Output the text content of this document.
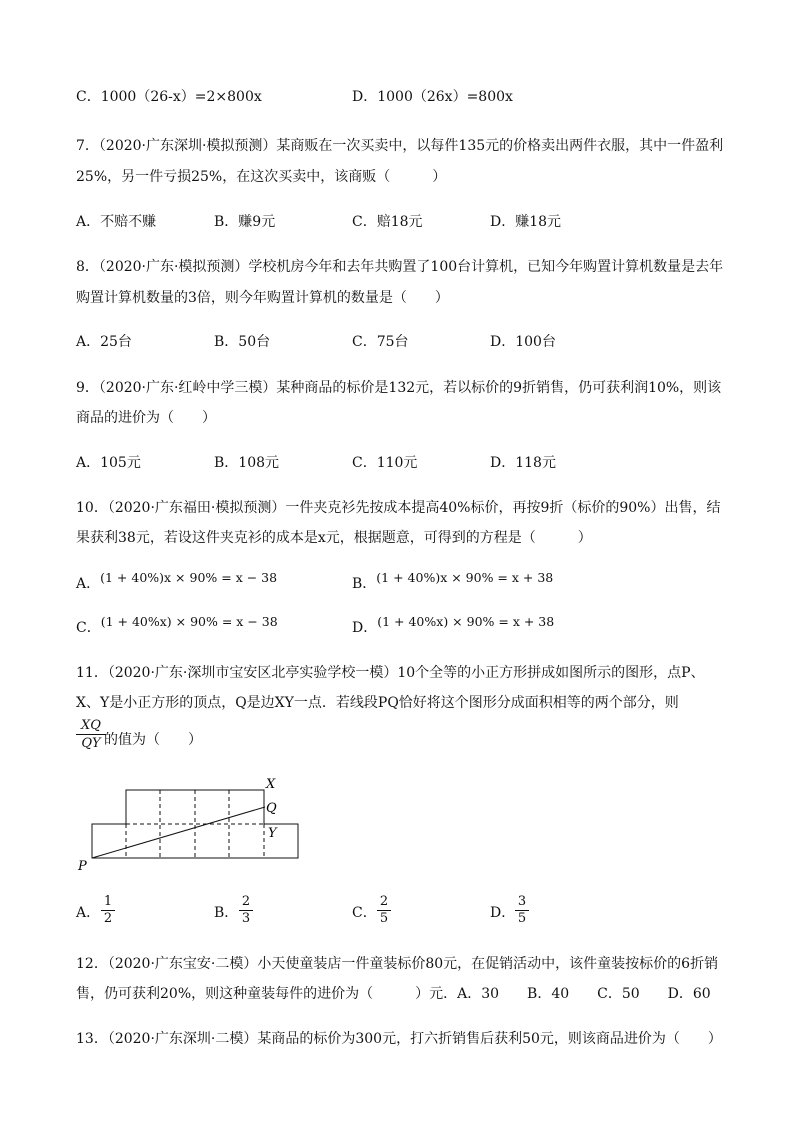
C．1000（26-x）=2×800x	D．1000（26x）=800x
7．（2020·广东深圳·模拟预测）某商贩在一次买卖中，以每件135元的价格卖出两件衣服，其中一件盈利
25%，另一件亏损25%，在这次买卖中，该商贩（　　　）
A．不赔不赚	B．赚9元	C．赔18元	D．赚18元
8．（2020·广东·模拟预测）学校机房今年和去年共购置了100台计算机，已知今年购置计算机数量是去年
购置计算机数量的3倍，则今年购置计算机的数量是（　　）
A．25台	B．50台	C．75台	D．100台
9．（2020·广东·红岭中学三模）某种商品的标价是132元，若以标价的9折销售，仍可获利润10%，则该
商品的进价为（　　）
A．105元	B．108元	C．110元	D．118元
10．（2020·广东福田·模拟预测）一件夹克衫先按成本提高40%标价，再按9折（标价的90%）出售，结
果获利38元，若设这件夹克衫的成本是x元，根据题意，可得到的方程是（　　　）
A．(1 + 40%)x × 90% = x − 38	B．(1 + 40%)x × 90% = x + 38
C．(1 + 40%x) × 90% = x − 38	D．(1 + 40%x) × 90% = x + 38
11．（2020·广东·深圳市宝安区北亭实验学校一模）10个全等的小正方形拼成如图所示的图形，点P、
X、Y是小正方形的顶点，Q是边XY一点．若线段PQ恰好将这个图形分成面积相等的两个部分，则
XQ
QY 的值为（　　）
P
X
Q
Y
A．
1
2	B．
2
3	C．
2
5	D．
3
5
12．（2020·广东宝安·二模）小天使童装店一件童装标价80元，在促销活动中，该件童装按标价的6折销
售，仍可获利20%，则这种童装每件的进价为（　　　）元．A．30　　B．40　　C．50　　D．60
13．（2020·广东深圳·二模）某商品的标价为300元，打六折销售后获利50元，则该商品进价为（　　）
